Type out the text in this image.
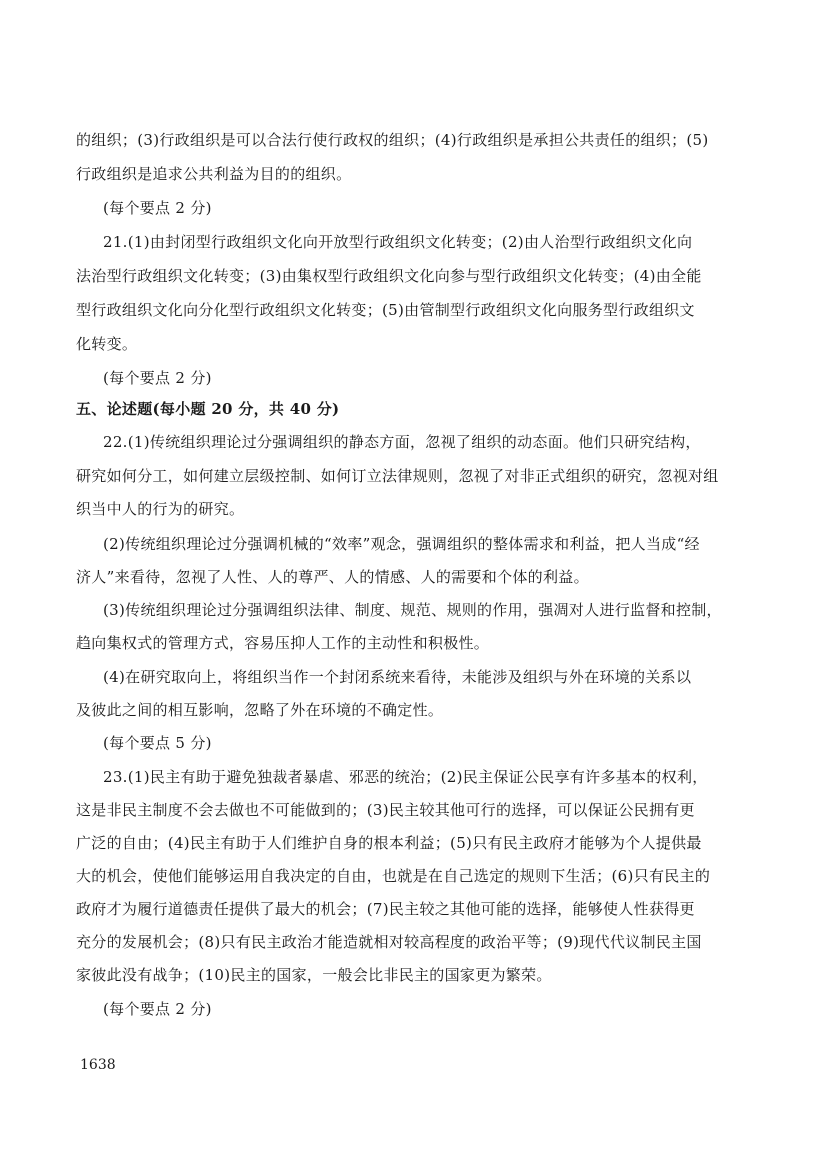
的组织；(3)行政组织是可以合法行使行政权的组织；(4)行政组织是承担公共责任的组织；(5)
行政组织是追求公共利益为目的的组织。
(每个要点 2 分)
21.(1)由封闭型行政组织文化向开放型行政组织文化转变；(2)由人治型行政组织文化向
法治型行政组织文化转变；(3)由集权型行政组织文化向参与型行政组织文化转变；(4)由全能
型行政组织文化向分化型行政组织文化转变；(5)由管制型行政组织文化向服务型行政组织文
化转变。
(每个要点 2 分)
五、论述题(每小题 20 分，共 40 分)
22.(1)传统组织理论过分强调组织的静态方面，忽视了组织的动态面。他们只研究结构，
研究如何分工，如何建立层级控制、如何订立法律规则，忽视了对非正式组织的研究，忽视对组
织当中人的行为的研究。
(2)传统组织理论过分强调机械的“效率”观念，强调组织的整体需求和利益，把人当成“经
济人”来看待，忽视了人性、人的尊严、人的情感、人的需要和个体的利益。
(3)传统组织理论过分强调组织法律、制度、规范、规则的作用，强凋对人进行监督和控制，
趋向集权式的管理方式，容易压抑人工作的主动性和积极性。
(4)在研究取向上，将组织当作一个封闭系统来看待，未能涉及组织与外在环境的关系以
及彼此之间的相互影响，忽略了外在环境的不确定性。
(每个要点 5 分)
23.(1)民主有助于避免独裁者暴虐、邪恶的统治；(2)民主保证公民享有许多基本的权利，
这是非民主制度不会去做也不可能做到的；(3)民主较其他可行的选择，可以保证公民拥有更
广泛的自由；(4)民主有助于人们维护自身的根本利益；(5)只有民主政府才能够为个人提供最
大的机会，使他们能够运用自我决定的自由，也就是在自己选定的规则下生活；(6)只有民主的
政府才为履行道德责任提供了最大的机会；(7)民主较之其他可能的选择，能够使人性获得更
充分的发展机会；(8)只有民主政治才能造就相对较高程度的政治平等；(9)现代代议制民主国
家彼此没有战争；(10)民主的国家，一般会比非民主的国家更为繁荣。
(每个要点 2 分)
1638
